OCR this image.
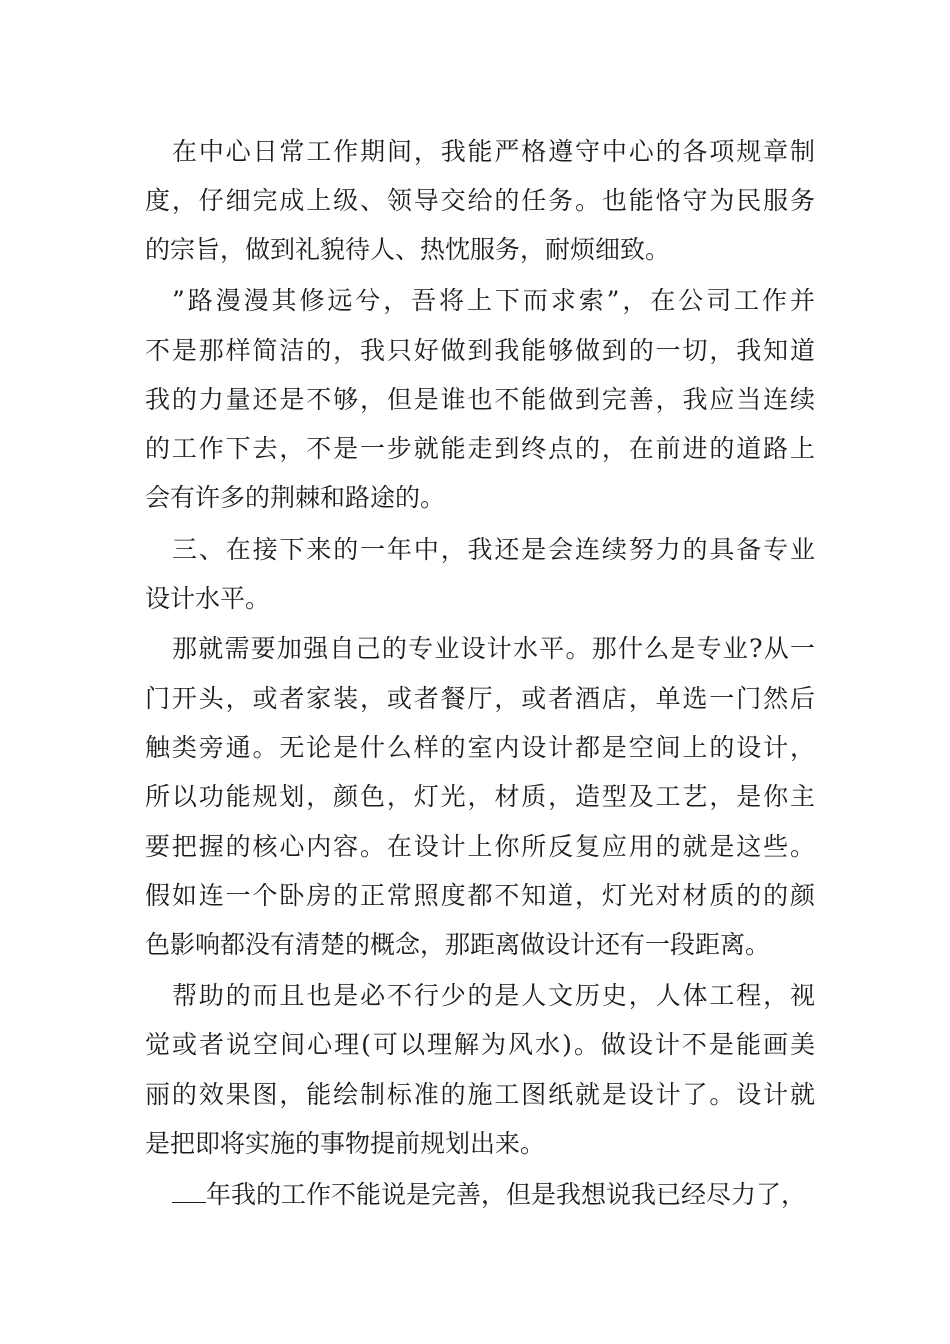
在中心日常工作期间，我能严格遵守中心的各项规章制
度，仔细完成上级、领导交给的任务。也能恪守为民服务
的宗旨，做到礼貌待人、热忱服务，耐烦细致。
”路漫漫其修远兮，吾将上下而求索”，在公司工作并
不是那样简洁的，我只好做到我能够做到的一切，我知道
我的力量还是不够，但是谁也不能做到完善，我应当连续
的工作下去，不是一步就能走到终点的，在前进的道路上
会有许多的荆棘和路途的。
三、在接下来的一年中，我还是会连续努力的具备专业
设计水平。
那就需要加强自己的专业设计水平。那什么是专业?从一
门开头，或者家装，或者餐厅，或者酒店，单选一门然后
触类旁通。无论是什么样的室内设计都是空间上的设计，
所以功能规划，颜色，灯光，材质，造型及工艺，是你主
要把握的核心内容。在设计上你所反复应用的就是这些。
假如连一个卧房的正常照度都不知道，灯光对材质的的颜
色影响都没有清楚的概念，那距离做设计还有一段距离。
帮助的而且也是必不行少的是人文历史，人体工程，视
觉或者说空间心理(可以理解为风水)。做设计不是能画美
丽的效果图，能绘制标准的施工图纸就是设计了。设计就
是把即将实施的事物提前规划出来。
年我的工作不能说是完善，但是我想说我已经尽力了，
